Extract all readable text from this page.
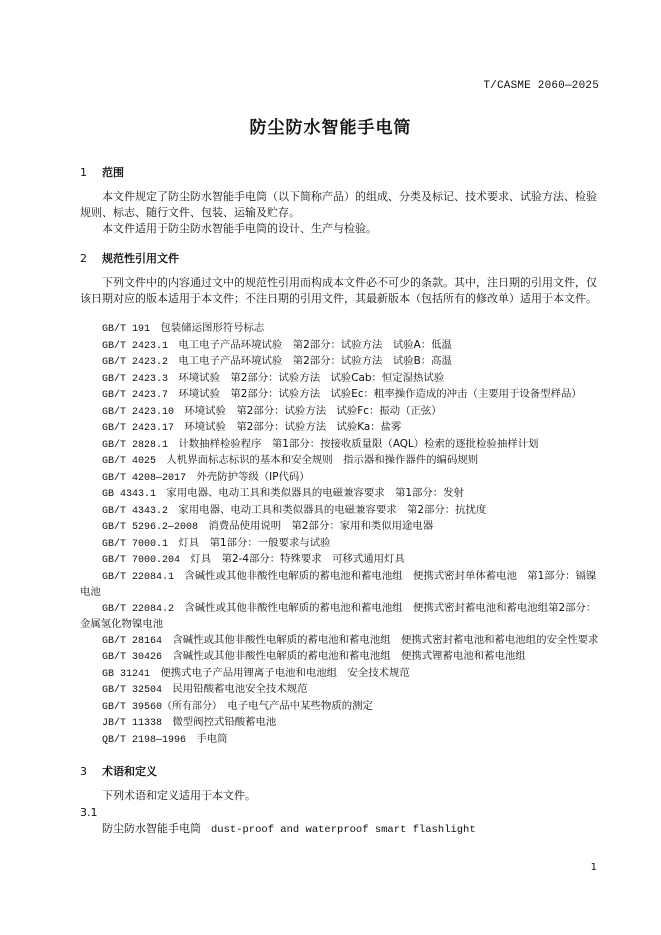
T/CASME 2060—2025
防尘防水智能手电筒
1 范围
本文件规定了防尘防水智能手电筒（以下简称产品）的组成、分类及标记、技术要求、试验方法、检验规则、标志、随行文件、包装、运输及贮存。
本文件适用于防尘防水智能手电筒的设计、生产与检验。
2 规范性引用文件
下列文件中的内容通过文中的规范性引用而构成本文件必不可少的条款。其中，注日期的引用文件，仅该日期对应的版本适用于本文件；不注日期的引用文件，其最新版本（包括所有的修改单）适用于本文件。
GB/T 191　 包装储运图形符号标志
GB/T 2423.1　 电工电子产品环境试验　第2部分：试验方法　试验A：低温
GB/T 2423.2　 电工电子产品环境试验　第2部分：试验方法　试验B：高温
GB/T 2423.3　 环境试验　第2部分：试验方法　试验Cab：恒定湿热试验
GB/T 2423.7　 环境试验　第2部分：试验方法　试验Ec：粗率操作造成的冲击（主要用于设备型样品）
GB/T 2423.10　 环境试验　第2部分：试验方法　试验Fc：振动（正弦）
GB/T 2423.17　 环境试验　第2部分：试验方法　试验Ka：盐雾
GB/T 2828.1　 计数抽样检验程序　第1部分：按接收质量限（AQL）检索的逐批检验抽样计划
GB/T 4025　 人机界面标志标识的基本和安全规则　指示器和操作器件的编码规则
GB/T 4208—2017　 外壳防护等级（IP代码）
GB 4343.1　 家用电器、电动工具和类似器具的电磁兼容要求　第1部分：发射
GB/T 4343.2　 家用电器、电动工具和类似器具的电磁兼容要求　第2部分：抗扰度
GB/T 5296.2—2008　 消费品使用说明　第2部分：家用和类似用途电器
GB/T 7000.1　 灯具　第1部分：一般要求与试验
GB/T 7000.204　 灯具　第2-4部分：特殊要求　可移式通用灯具
GB/T 22084.1　 含碱性或其他非酸性电解质的蓄电池和蓄电池组　便携式密封单体蓄电池　第1部分：镉镍电池
GB/T 22084.2　 含碱性或其他非酸性电解质的蓄电池和蓄电池组　便携式密封蓄电池和蓄电池组第2部分：金属氢化物镍电池
GB/T 28164　 含碱性或其他非酸性电解质的蓄电池和蓄电池组　便携式密封蓄电池和蓄电池组的安全性要求
GB/T 30426　 含碱性或其他非酸性电解质的蓄电池和蓄电池组　便携式锂蓄电池和蓄电池组
GB 31241　 便携式电子产品用锂离子电池和电池组　安全技术规范
GB/T 32504　 民用铅酸蓄电池安全技术规范
GB/T 39560（所有部分）　 电子电气产品中某些物质的测定
JB/T 11338　 微型阀控式铅酸蓄电池
QB/T 2198—1996　 手电筒
3 术语和定义
下列术语和定义适用于本文件。
3.1
防尘防水智能手电筒 dust-proof and waterproof smart flashlight
1
